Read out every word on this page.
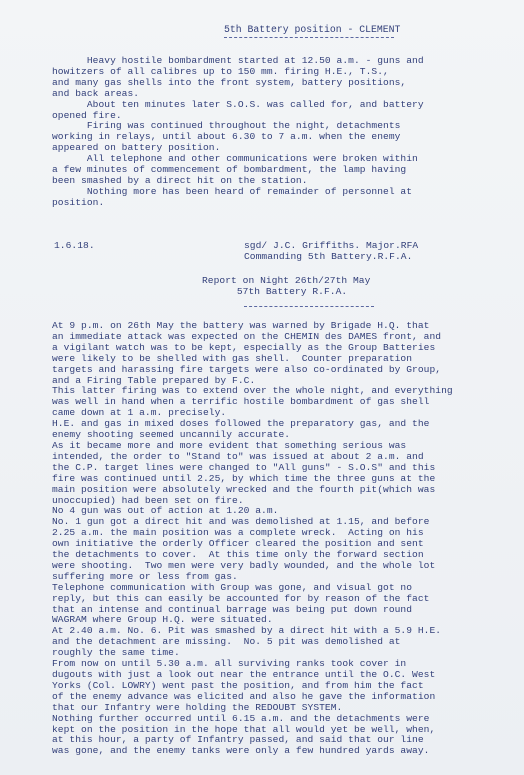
5th Battery position - CLEMENT
Heavy hostile bombardment started at 12.50 a.m. - guns and
howitzers of all calibres up to 150 mm. firing H.E., T.S.,
and many gas shells into the front system, battery positions,
and back areas.
About ten minutes later S.O.S. was called for, and battery
opened fire.
Firing was continued throughout the night, detachments
working in relays, until about 6.30 to 7 a.m. when the enemy
appeared on battery position.
All telephone and other communications were broken within
a few minutes of commencement of bombardment, the lamp having
been smashed by a direct hit on the station.
Nothing more has been heard of remainder of personnel at
position.
1.6.18.	sgd/ J.C. Griffiths. Major.RFA
Commanding 5th Battery.R.F.A.
Report on Night 26th/27th May
57th Battery R.F.A.
At 9 p.m. on 26th May the battery was warned by Brigade H.Q. that
an immediate attack was expected on the CHEMIN des DAMES front, and
a vigilant watch was to be kept, especially as the Group Batteries
were likely to be shelled with gas shell.  Counter preparation
targets and harassing fire targets were also co-ordinated by Group,
and a Firing Table prepared by F.C.
This latter firing was to extend over the whole night, and everything
was well in hand when a terrific hostile bombardment of gas shell
came down at 1 a.m. precisely.
H.E. and gas in mixed doses followed the preparatory gas, and the
enemy shooting seemed uncannily accurate.
As it became more and more evident that something serious was
intended, the order to "Stand to" was issued at about 2 a.m. and
the C.P. target lines were changed to "All guns" - S.O.S" and this
fire was continued until 2.25, by which time the three guns at the
main position were absolutely wrecked and the fourth pit(which was
unoccupied) had been set on fire.
No 4 gun was out of action at 1.20 a.m.
No. 1 gun got a direct hit and was demolished at 1.15, and before
2.25 a.m. the main position was a complete wreck.  Acting on his
own initiative the orderly Officer cleared the position and sent
the detachments to cover.  At this time only the forward section
were shooting.  Two men were very badly wounded, and the whole lot
suffering more or less from gas.
Telephone communication with Group was gone, and visual got no
reply, but this can easily be accounted for by reason of the fact
that an intense and continual barrage was being put down round
WAGRAM where Group H.Q. were situated.
At 2.40 a.m. No. 6. Pit was smashed by a direct hit with a 5.9 H.E.
and the detachment are missing.  No. 5 pit was demolished at
roughly the same time.
From now on until 5.30 a.m. all surviving ranks took cover in
dugouts with just a look out near the entrance until the O.C. West
Yorks (Col. LOWRY) went past the position, and from him the fact
of the enemy advance was elicited and also he gave the information
that our Infantry were holding the REDOUBT SYSTEM.
Nothing further occurred until 6.15 a.m. and the detachments were
kept on the position in the hope that all would yet be well, when,
at this hour, a party of Infantry passed, and said that our line
was gone, and the enemy tanks were only a few hundred yards away.
